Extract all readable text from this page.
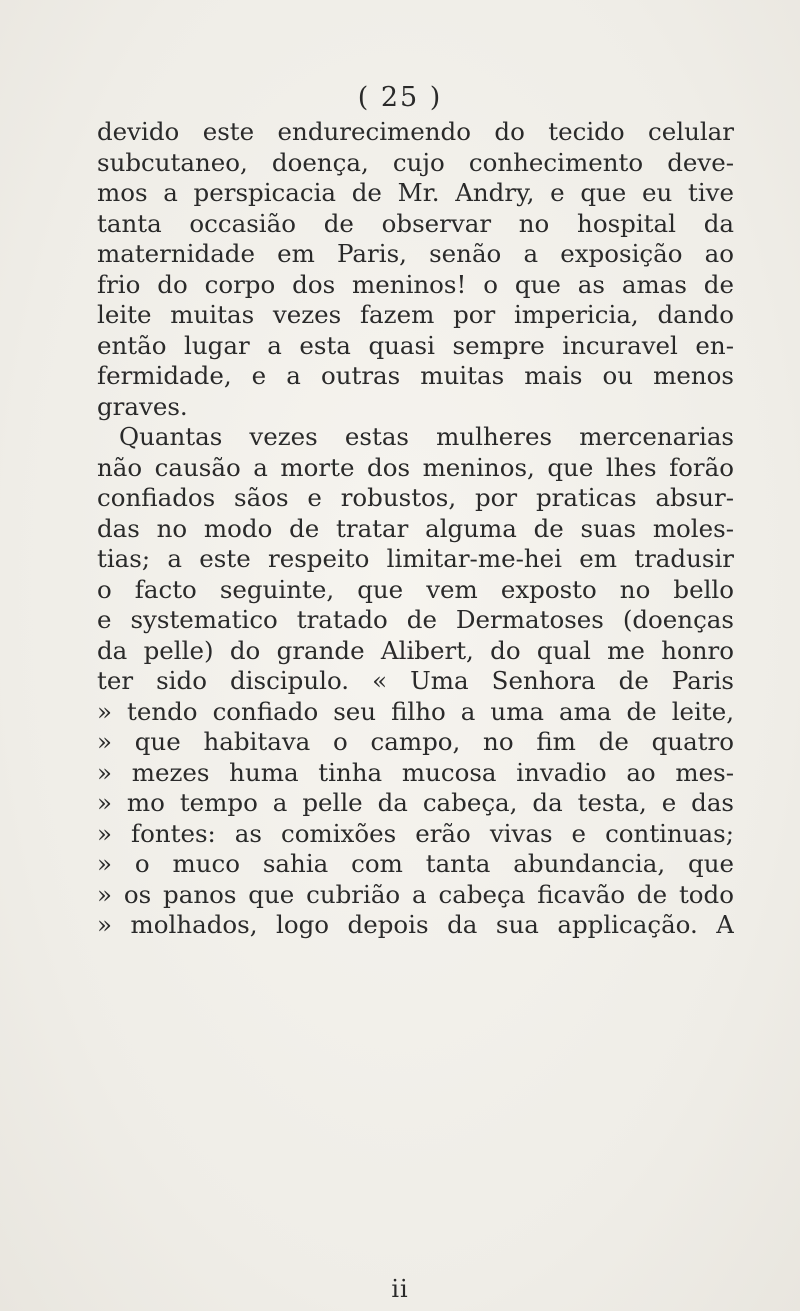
( 25 )
devido este endurecimendo do tecido celular
subcutaneo, doença, cujo conhecimento deve-
mos a perspicacia de Mr. Andry, e que eu tive
tanta occasião de observar no hospital da
maternidade em Paris, senão a exposição ao
frio do corpo dos meninos! o que as amas de
leite muitas vezes fazem por impericia, dando
então lugar a esta quasi sempre incuravel en-
fermidade, e a outras muitas mais ou menos
graves.
Quantas vezes estas mulheres mercenarias
não causão a morte dos meninos, que lhes forão
confiados sãos e robustos, por praticas absur-
das no modo de tratar alguma de suas moles-
tias; a este respeito limitar-me-hei em tradusir
o facto seguinte, que vem exposto no bello
e systematico tratado de Dermatoses (doenças
da pelle) do grande Alibert, do qual me honro
ter sido discipulo. « Uma Senhora de Paris
» tendo confiado seu filho a uma ama de leite,
» que habitava o campo, no fim de quatro
» mezes huma tinha mucosa invadio ao mes-
» mo tempo a pelle da cabeça, da testa, e das
» fontes: as comixões erão vivas e continuas;
» o muco sahia com tanta abundancia, que
» os panos que cubrião a cabeça ficavão de todo
» molhados, logo depois da sua applicação. A
ii
